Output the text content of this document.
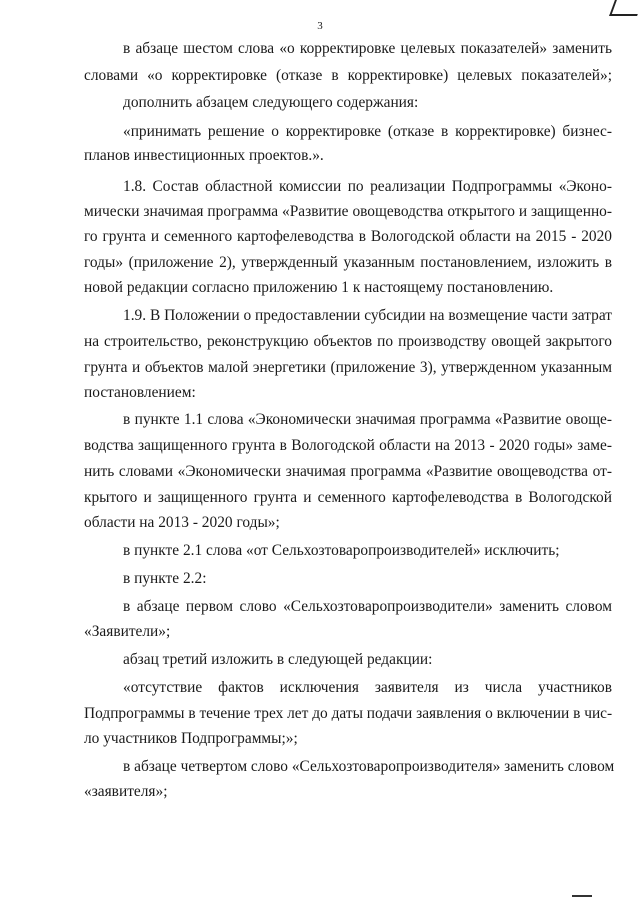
3
в абзаце шестом слова «о корректировке целевых показателей» заменить
словами «о корректировке (отказе в корректировке) целевых показателей»;
дополнить абзацем следующего содержания:
«принимать решение о корректировке (отказе в корректировке) бизнес-
планов инвестиционных проектов.».
1.8. Состав областной комиссии по реализации Подпрограммы «Эконо-
мически значимая программа «Развитие овощеводства открытого и защищенно-
го грунта и семенного картофелеводства в Вологодской области на 2015 - 2020
годы» (приложение 2), утвержденный указанным постановлением, изложить в
новой редакции согласно приложению 1 к настоящему постановлению.
1.9. В Положении о предоставлении субсидии на возмещение части затрат
на строительство, реконструкцию объектов по производству овощей закрытого
грунта и объектов малой энергетики (приложение 3), утвержденном указанным
постановлением:
в пункте 1.1 слова «Экономически значимая программа «Развитие овоще-
водства защищенного грунта в Вологодской области на 2013 - 2020 годы» заме-
нить словами «Экономически значимая программа «Развитие овощеводства от-
крытого и защищенного грунта и семенного картофелеводства в Вологодской
области на 2013 - 2020 годы»;
в пункте 2.1 слова «от Сельхозтоваропроизводителей» исключить;
в пункте 2.2:
в абзаце первом слово «Сельхозтоваропроизводители» заменить словом
«Заявители»;
абзац третий изложить в следующей редакции:
«отсутствие фактов исключения заявителя из числа участников
Подпрограммы в течение трех лет до даты подачи заявления о включении в чис-
ло участников Подпрограммы;»;
в абзаце четвертом слово «Сельхозтоваропроизводителя» заменить словом
«заявителя»;
